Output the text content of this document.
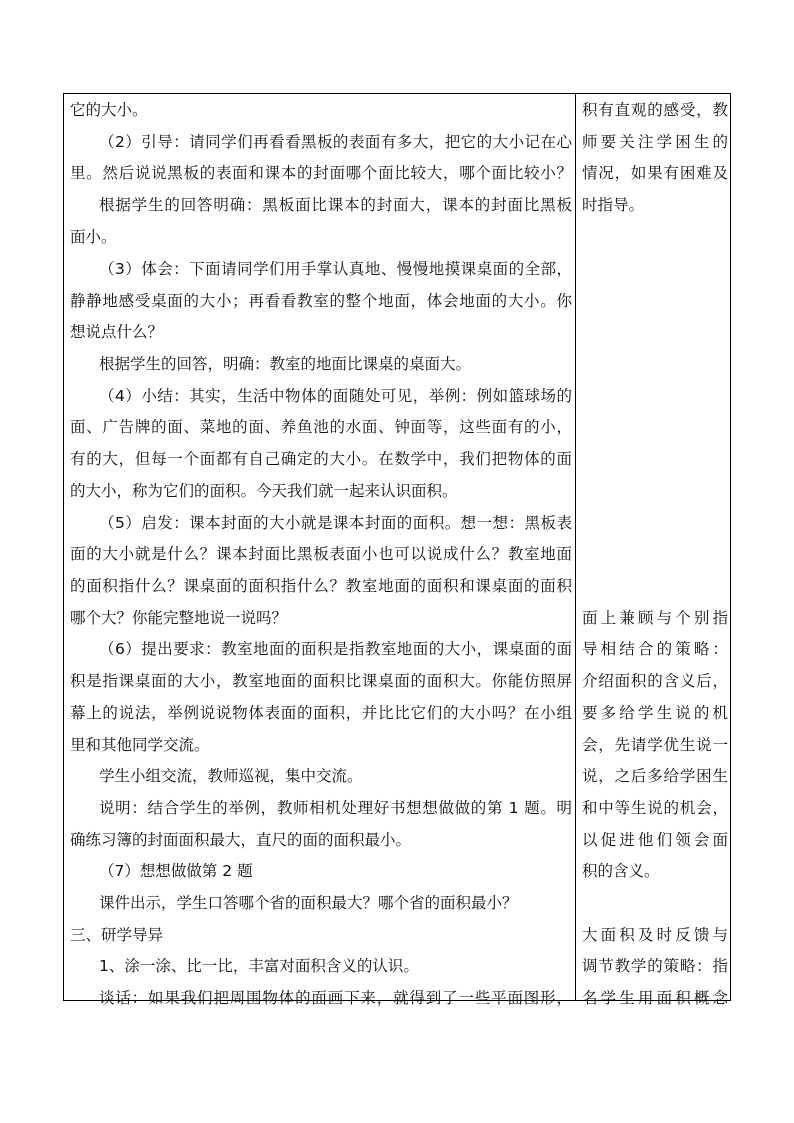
它的大小。
（2）引导：请同学们再看看黑板的表面有多大，把它的大小记在心
里。然后说说黑板的表面和课本的封面哪个面比较大，哪个面比较小？
根据学生的回答明确：黑板面比课本的封面大，课本的封面比黑板
面小。
（3）体会：下面请同学们用手掌认真地、慢慢地摸课桌面的全部，
静静地感受桌面的大小；再看看教室的整个地面，体会地面的大小。你
想说点什么？
根据学生的回答，明确：教室的地面比课桌的桌面大。
（4）小结：其实，生活中物体的面随处可见，举例：例如篮球场的
面、广告牌的面、菜地的面、养鱼池的水面、钟面等，这些面有的小，
有的大，但每一个面都有自己确定的大小。在数学中，我们把物体的面
的大小，称为它们的面积。今天我们就一起来认识面积。
（5）启发：课本封面的大小就是课本封面的面积。想一想：黑板表
面的大小就是什么？课本封面比黑板表面小也可以说成什么？教室地面
的面积指什么？课桌面的面积指什么？教室地面的面积和课桌面的面积
哪个大？你能完整地说一说吗？
（6）提出要求：教室地面的面积是指教室地面的大小，课桌面的面
积是指课桌面的大小，教室地面的面积比课桌面的面积大。你能仿照屏
幕上的说法，举例说说物体表面的面积，并比比它们的大小吗？在小组
里和其他同学交流。
学生小组交流，教师巡视，集中交流。
说明：结合学生的举例，教师相机处理好书想想做做的第 1 题。明
确练习簿的封面面积最大，直尺的面的面积最小。
（7）想想做做第 2 题
课件出示，学生口答哪个省的面积最大？哪个省的面积最小？
三、研学导异
1、涂一涂、比一比，丰富对面积含义的认识。
谈话：如果我们把周围物体的面画下来，就得到了一些平面图形，
积有直观的感受，教
师要关注学困生的
情况，如果有困难及
时指导。
面上兼顾与个别指
导相结合的策略：
介绍面积的含义后，
要多给学生说的机
会，先请学优生说一
说，之后多给学困生
和中等生说的机会，
以促进他们领会面
积的含义。
大面积及时反馈与
调节教学的策略：指
名学生用面积概念
